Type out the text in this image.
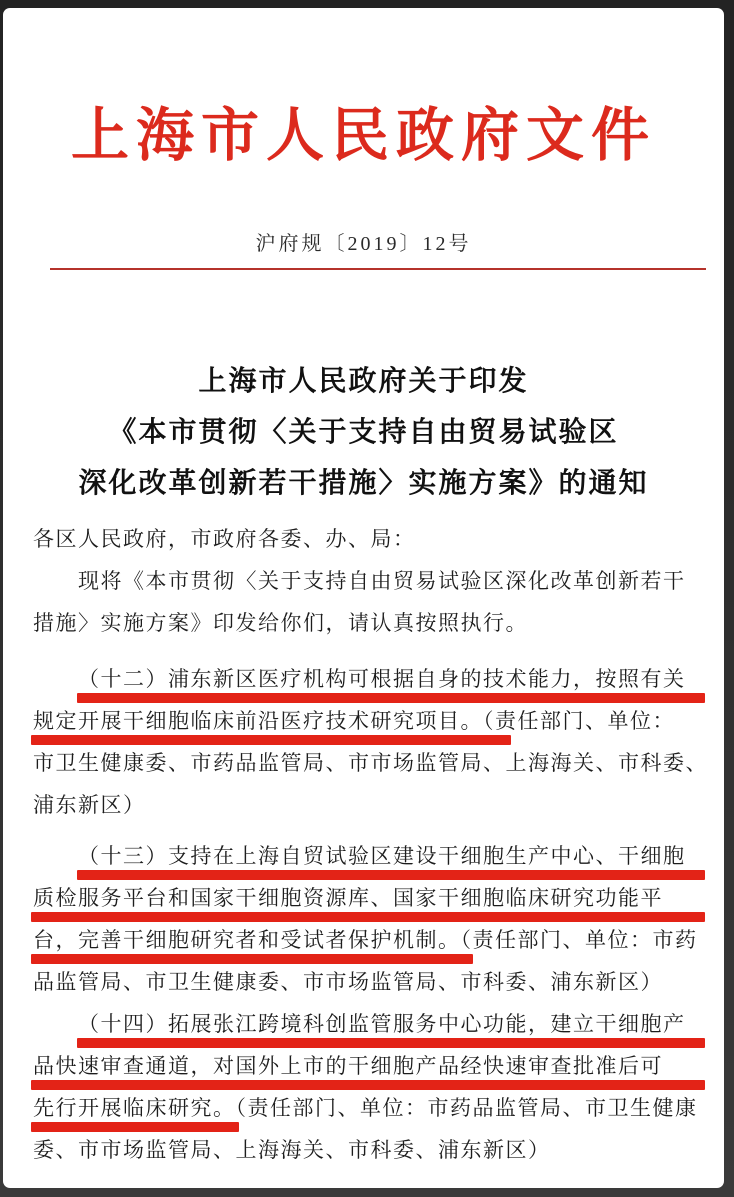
上海市人民政府文件
沪府规〔2019〕12号
上海市人民政府关于印发
《本市贯彻〈关于支持自由贸易试验区
深化改革创新若干措施〉实施方案》的通知
各区人民政府，市政府各委、办、局：
现将《本市贯彻〈关于支持自由贸易试验区深化改革创新若干
措施〉实施方案》印发给你们，请认真按照执行。
（十二）浦东新区医疗机构可根据自身的技术能力，按照有关
规定开展干细胞临床前沿医疗技术研究项目。（责任部门、单位：
市卫生健康委、市药品监管局、市市场监管局、上海海关、市科委、
浦东新区）
（十三）支持在上海自贸试验区建设干细胞生产中心、干细胞
质检服务平台和国家干细胞资源库、国家干细胞临床研究功能平
台，完善干细胞研究者和受试者保护机制。（责任部门、单位：市药
品监管局、市卫生健康委、市市场监管局、市科委、浦东新区）
（十四）拓展张江跨境科创监管服务中心功能，建立干细胞产
品快速审查通道，对国外上市的干细胞产品经快速审查批准后可
先行开展临床研究。（责任部门、单位：市药品监管局、市卫生健康
委、市市场监管局、上海海关、市科委、浦东新区）
